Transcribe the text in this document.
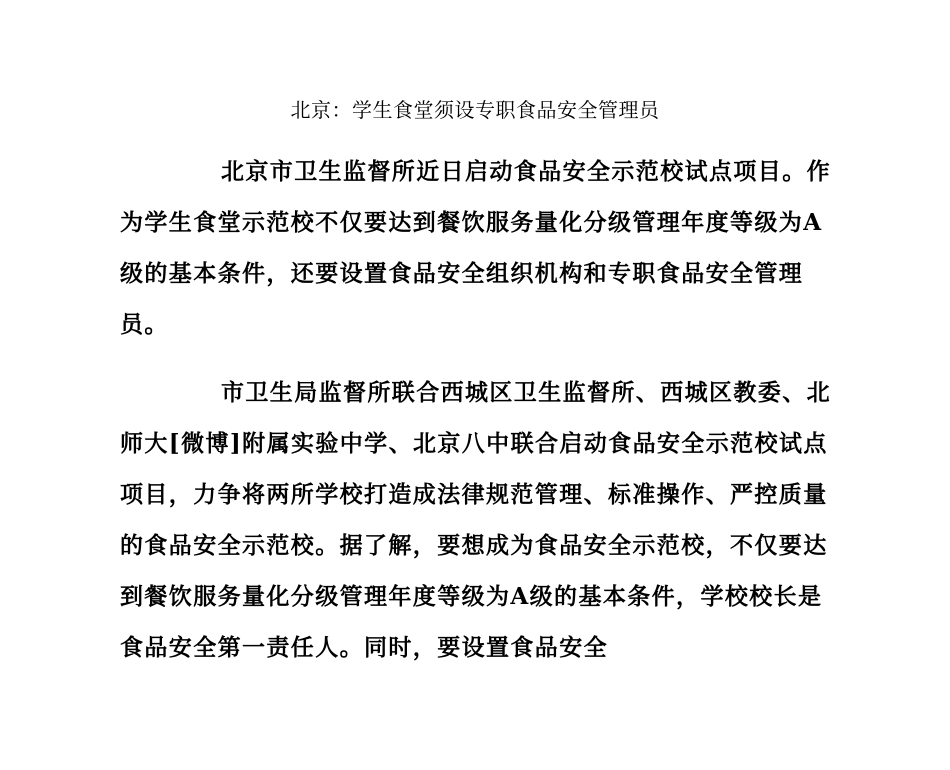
北京：学生食堂须设专职食品安全管理员

北京市卫生监督所近日启动食品安全示范校试点项目。作为学生食堂示范校不仅要达到餐饮服务量化分级管理年度等级为A级的基本条件，还要设置食品安全组织机构和专职食品安全管理员。

市卫生局监督所联合西城区卫生监督所、西城区教委、北师大[微博]附属实验中学、北京八中联合启动食品安全示范校试点项目，力争将两所学校打造成法律规范管理、标准操作、严控质量的食品安全示范校。据了解，要想成为食品安全示范校，不仅要达到餐饮服务量化分级管理年度等级为A级的基本条件，学校校长是食品安全第一责任人。同时，要设置食品安全
